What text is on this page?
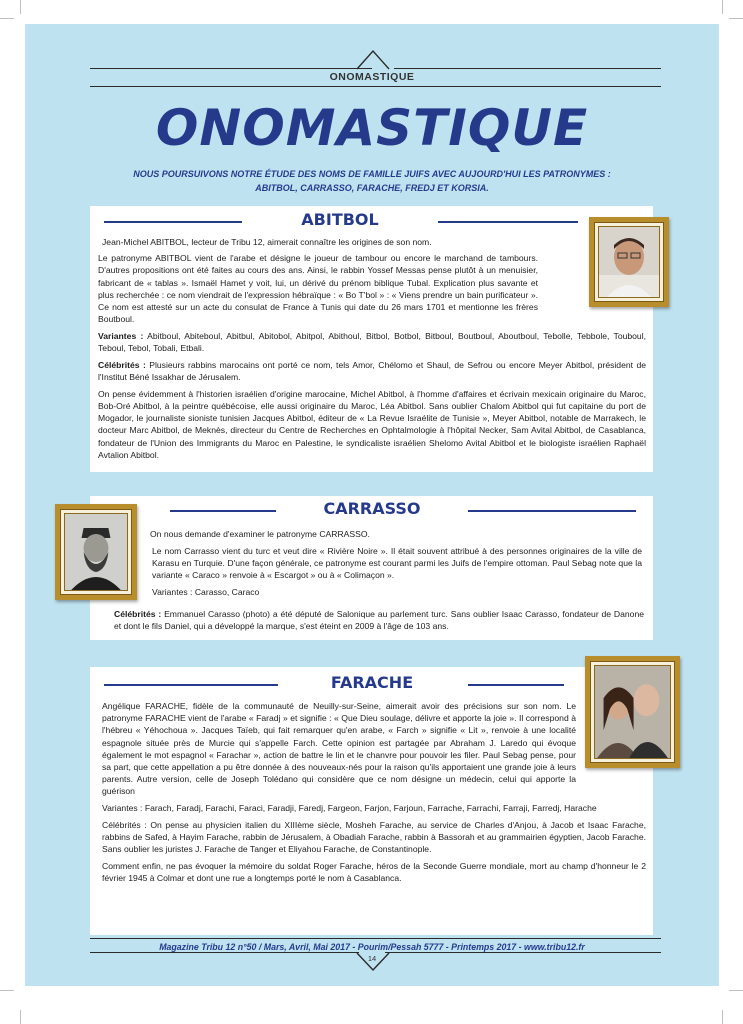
ONOMASTIQUE
ONOMASTIQUE
NOUS POURSUIVONS NOTRE ÉTUDE DES NOMS DE FAMILLE JUIFS AVEC AUJOURD'HUI LES PATRONYMES :
ABITBOL, CARRASSO, FARACHE, FREDJ ET KORSIA.
ABITBOL
Jean-Michel ABITBOL, lecteur de Tribu 12, aimerait connaître les origines de son nom.

Le patronyme ABITBOL vient de l'arabe et désigne le joueur de tambour ou encore le marchand de tambours. D'autres propositions ont été faites au cours des ans. Ainsi, le rabbin Yossef Messas pense plutôt à un menuisier, fabricant de « tablas ». Ismaël Hamet y voit, lui, un dérivé du prénom biblique Tubal. Explication plus savante et plus recherchée : ce nom viendrait de l'expression hébraïque : « Bo T'bol » : « Viens prendre un bain purificateur ». Ce nom est attesté sur un acte du consulat de France à Tunis qui date du 26 mars 1701 et mentionne les frères Boutboul.

Variantes : Abitboul, Abiteboul, Abitbul, Abitobol, Abitpol, Abithoul, Bitbol, Botbol, Bitboul, Boutboul, Aboutboul, Tebolle, Tebbole, Touboul, Teboul, Tebol, Tobali, Etbali.

Célébrités : Plusieurs rabbins marocains ont porté ce nom, tels Amor, Chélomo et Shaul, de Sefrou ou encore Meyer Abitbol, président de l'Institut Béné Issakhar de Jérusalem.

On pense évidemment à l'historien israélien d'origine marocaine, Michel Abitbol, à l'homme d'affaires et écrivain mexicain originaire du Maroc, Bob-Oré Abitbol, à la peintre québécoise, elle aussi originaire du Maroc, Léa Abitbol. Sans oublier Chalom Abitbol qui fut capitaine du port de Mogador, le journaliste sioniste tunisien Jacques Abitbol, éditeur de « La Revue Israélite de Tunisie », Meyer Abitbol, notable de Marrakech, le docteur Marc Abitbol, de Meknès, directeur du Centre de Recherches en Ophtalmologie à l'hôpital Necker, Sam Avital Abitbol, de Casablanca, fondateur de l'Union des Immigrants du Maroc en Palestine, le syndicaliste israélien Shelomo Avital Abitbol et le biologiste israélien Raphaël Avtalion Abitbol.

CARRASSO

On nous demande d'examiner le patronyme CARRASSO.

Le nom Carrasso vient du turc et veut dire « Rivière Noire ». Il était souvent attribué à des personnes originaires de la ville de Karasu en Turquie. D'une façon générale, ce patronyme est courant parmi les Juifs de l'empire ottoman. Paul Sebag note que la variante « Caraco » renvoie à « Escargot » ou à « Colimaçon ».

Variantes : Carasso, Caraco

Célébrités : Emmanuel Carasso (photo) a été député de Salonique au parlement turc. Sans oublier Isaac Carasso, fondateur de Danone et dont le fils Daniel, qui a développé la marque, s'est éteint en 2009 à l'âge de 103 ans.

FARACHE

Angélique FARACHE, fidèle de la communauté de Neuilly-sur-Seine, aimerait avoir des précisions sur son nom. Le patronyme FARACHE vient de l'arabe « Faradj » et signifie : « Que Dieu soulage, délivre et apporte la joie ». Il correspond à l'hébreu « Yéhochoua ». Jacques Taïeb, qui fait remarquer qu'en arabe, « Farch » signifie « Lit », renvoie à une localité espagnole située près de Murcie qui s'appelle Farch. Cette opinion est partagée par Abraham J. Laredo qui évoque également le mot espagnol « Farachar », action de battre le lin et le chanvre pour pouvoir les filer. Paul Sebag pense, pour sa part, que cette appellation a pu être donnée à des nouveaux-nés pour la raison qu'ils apportaient une grande joie à leurs parents. Autre version, celle de Joseph Tolédano qui considère que ce nom désigne un médecin, celui qui apporte la guérison

Variantes : Farach, Faradj, Farachi, Faraci, Faradji, Faredj, Fargeon, Farjon, Farjoun, Farrache, Farrachi, Farraji, Farredj, Harache

Célébrités : On pense au physicien italien du XIIIème siècle, Mosheh Farache, au service de Charles d'Anjou, à Jacob et Isaac Farache, rabbins de Safed, à Hayim Farache, rabbin de Jérusalem, à Obadiah Farache, rabbin à Bassorah et au grammairien égyptien, Jacob Farache. Sans oublier les juristes J. Farache de Tanger et Eliyahou Farache, de Constantinople.

Comment enfin, ne pas évoquer la mémoire du soldat Roger Farache, héros de la Seconde Guerre mondiale, mort au champ d'honneur le 2 février 1945 à Colmar et dont une rue a longtemps porté le nom à Casablanca.

Magazine Tribu 12 n°50 / Mars, Avril, Mai 2017 - Pourim/Pessah 5777 - Printemps 2017 - www.tribu12.fr
14
